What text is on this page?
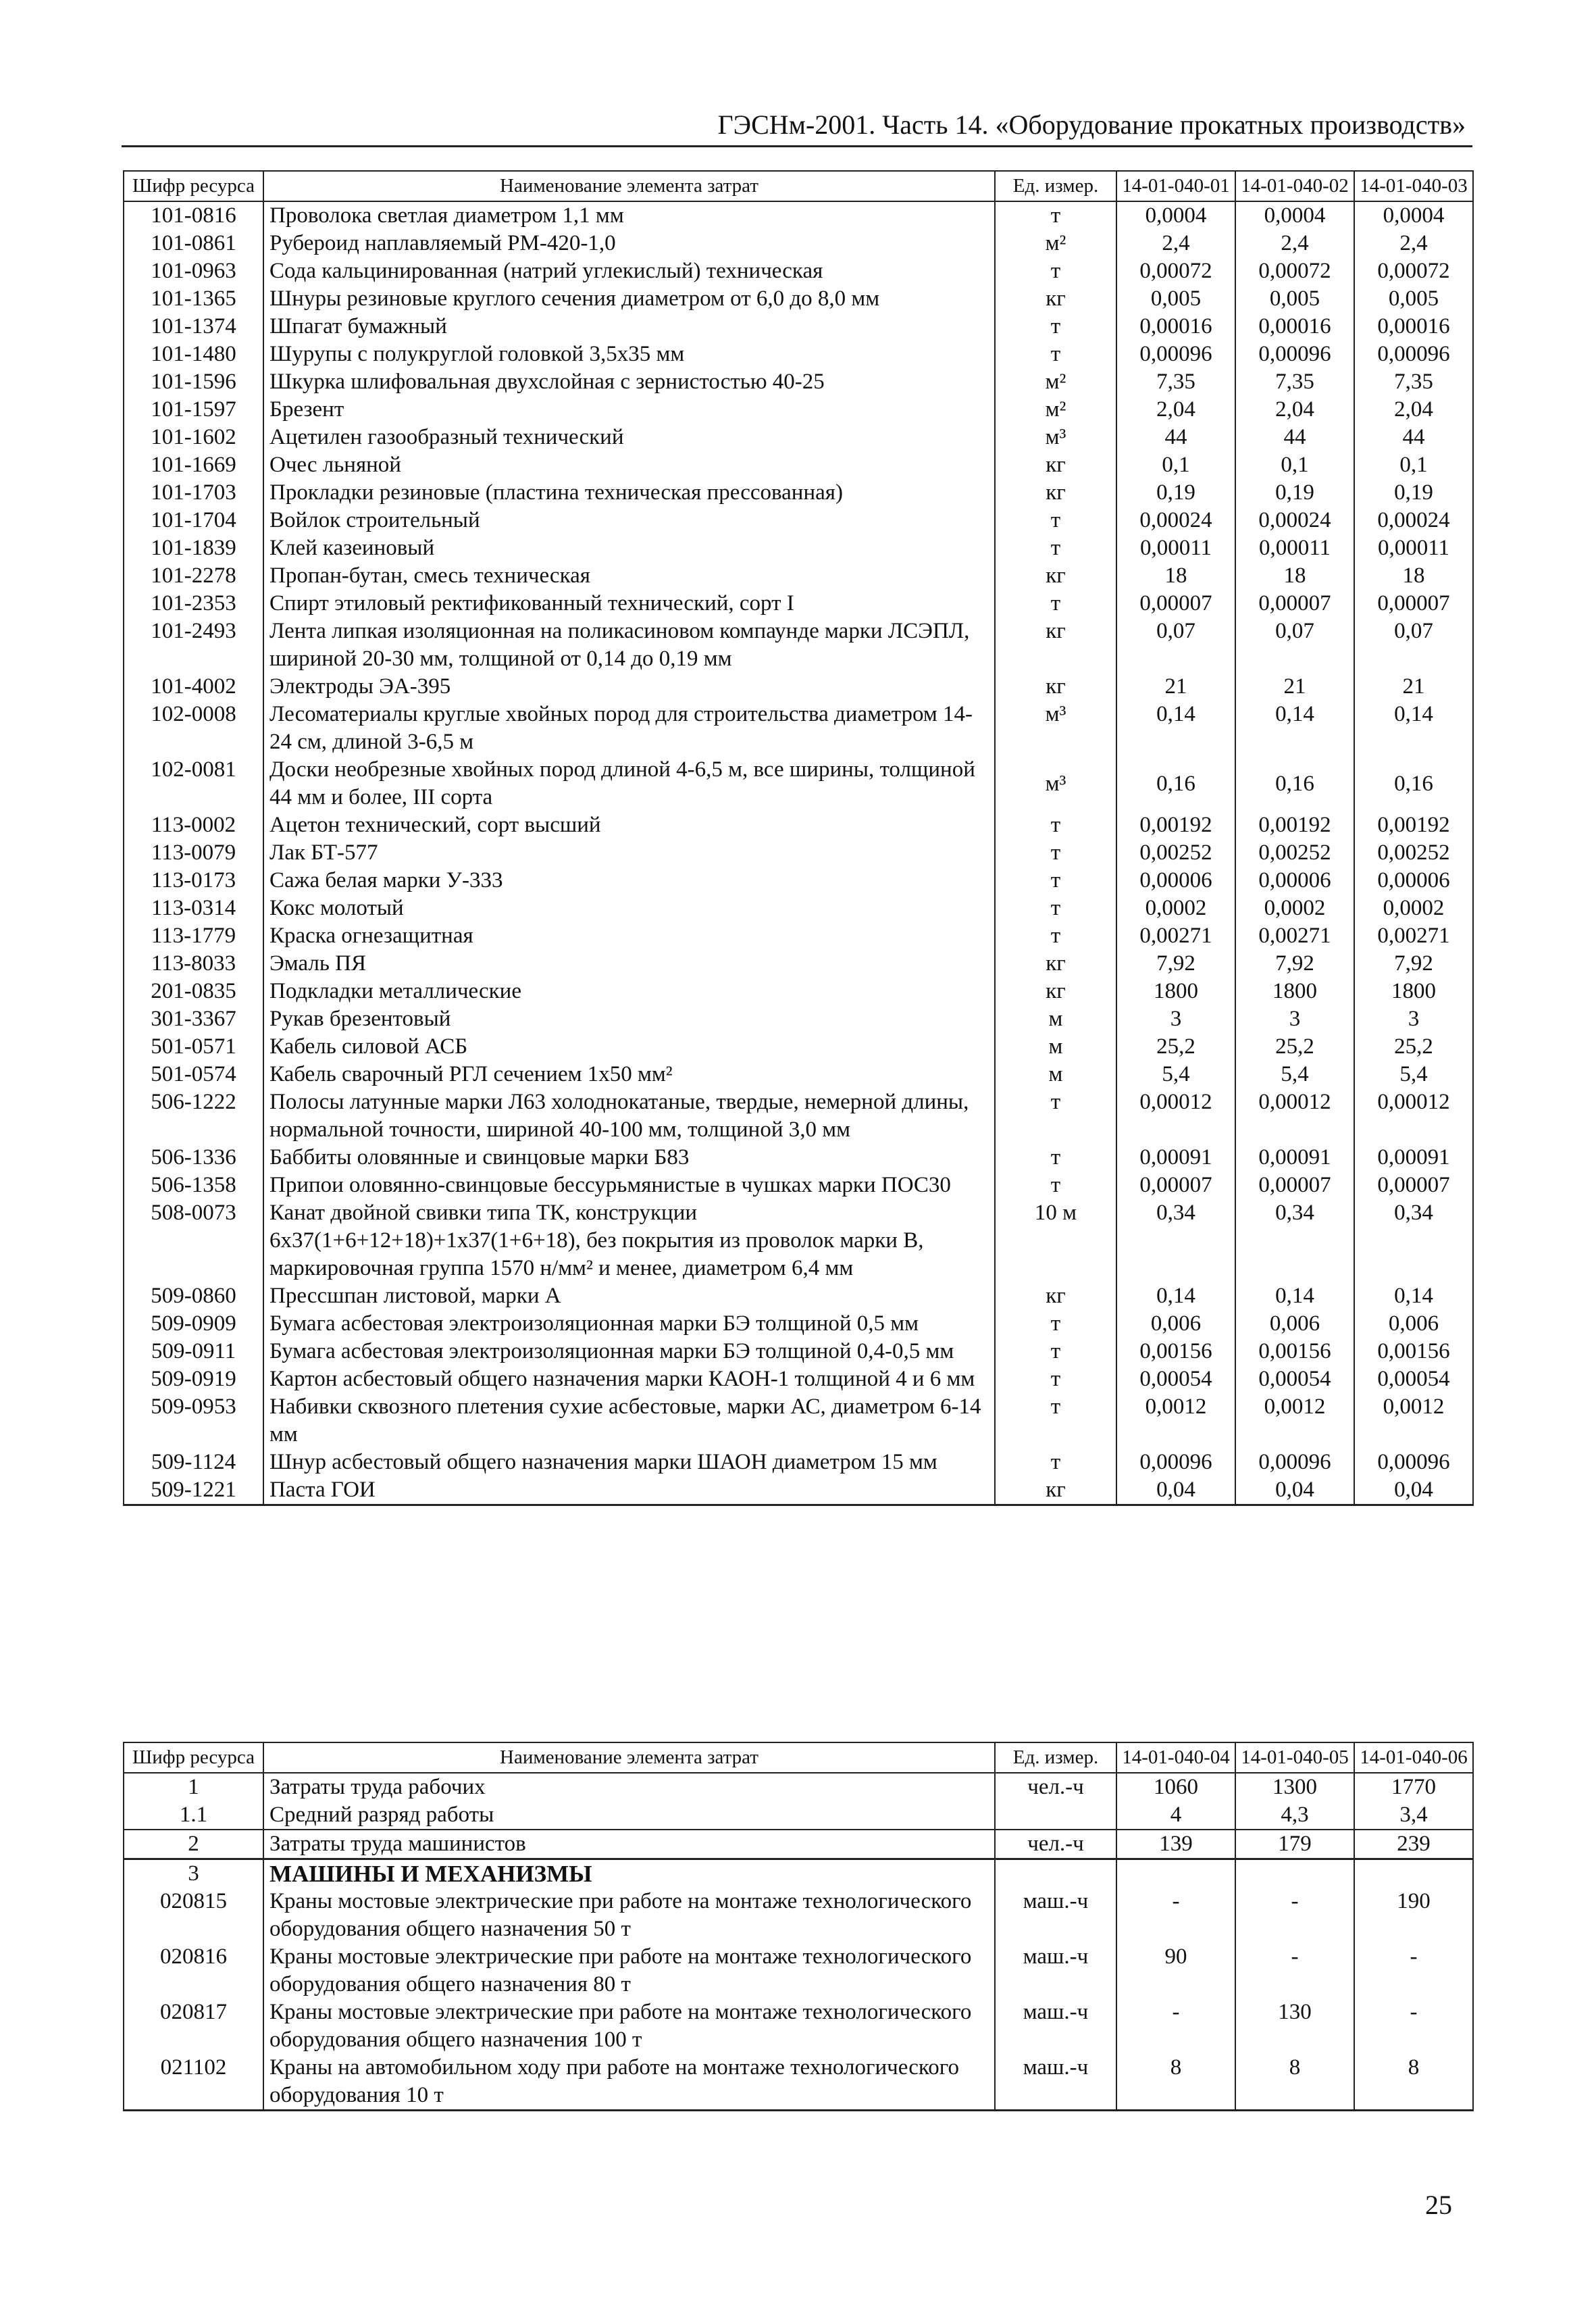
ГЭСНм-2001. Часть 14. «Оборудование прокатных производств»
Шифр ресурса	Наименование элемента затрат	Ед. измер.	14-01-040-01	14-01-040-02	14-01-040-03
101-0816	Проволока светлая диаметром 1,1 мм	т	0,0004	0,0004	0,0004
101-0861	Рубероид наплавляемый РМ-420-1,0	м²	2,4	2,4	2,4
101-0963	Сода кальцинированная (натрий углекислый) техническая	т	0,00072	0,00072	0,00072
101-1365	Шнуры резиновые круглого сечения диаметром от 6,0 до 8,0 мм	кг	0,005	0,005	0,005
101-1374	Шпагат бумажный	т	0,00016	0,00016	0,00016
101-1480	Шурупы с полукруглой головкой 3,5х35 мм	т	0,00096	0,00096	0,00096
101-1596	Шкурка шлифовальная двухслойная с зернистостью 40-25	м²	7,35	7,35	7,35
101-1597	Брезент	м²	2,04	2,04	2,04
101-1602	Ацетилен газообразный технический	м³	44	44	44
101-1669	Очес льняной	кг	0,1	0,1	0,1
101-1703	Прокладки резиновые (пластина техническая прессованная)	кг	0,19	0,19	0,19
101-1704	Войлок строительный	т	0,00024	0,00024	0,00024
101-1839	Клей казеиновый	т	0,00011	0,00011	0,00011
101-2278	Пропан-бутан, смесь техническая	кг	18	18	18
101-2353	Спирт этиловый ректификованный технический, сорт I	т	0,00007	0,00007	0,00007
101-2493	Лента липкая изоляционная на поликасиновом компаунде марки ЛСЭПЛ, шириной 20-30 мм, толщиной от 0,14 до 0,19 мм	кг	0,07	0,07	0,07
101-4002	Электроды ЭА-395	кг	21	21	21
102-0008	Лесоматериалы круглые хвойных пород для строительства диаметром 14-24 см, длиной 3-6,5 м	м³	0,14	0,14	0,14
102-0081	Доски необрезные хвойных пород длиной 4-6,5 м, все ширины, толщиной 44 мм и более, III сорта	м³	0,16	0,16	0,16
113-0002	Ацетон технический, сорт высший	т	0,00192	0,00192	0,00192
113-0079	Лак БТ-577	т	0,00252	0,00252	0,00252
113-0173	Сажа белая марки У-333	т	0,00006	0,00006	0,00006
113-0314	Кокс молотый	т	0,0002	0,0002	0,0002
113-1779	Краска огнезащитная	т	0,00271	0,00271	0,00271
113-8033	Эмаль ПЯ	кг	7,92	7,92	7,92
201-0835	Подкладки металлические	кг	1800	1800	1800
301-3367	Рукав брезентовый	м	3	3	3
501-0571	Кабель силовой АСБ	м	25,2	25,2	25,2
501-0574	Кабель сварочный РГЛ сечением 1х50 мм²	м	5,4	5,4	5,4
506-1222	Полосы латунные марки Л63 холоднокатаные, твердые, немерной длины, нормальной точности, шириной 40-100 мм, толщиной 3,0 мм	т	0,00012	0,00012	0,00012
506-1336	Баббиты оловянные и свинцовые марки Б83	т	0,00091	0,00091	0,00091
506-1358	Припои оловянно-свинцовые бессурьмянистые в чушках марки ПОС30	т	0,00007	0,00007	0,00007
508-0073	Канат двойной свивки типа ТК, конструкции 6х37(1+6+12+18)+1х37(1+6+18), без покрытия из проволок марки В, маркировочная группа 1570 н/мм² и менее, диаметром 6,4 мм	10 м	0,34	0,34	0,34
509-0860	Прессшпан листовой, марки А	кг	0,14	0,14	0,14
509-0909	Бумага асбестовая электроизоляционная марки БЭ толщиной 0,5 мм	т	0,006	0,006	0,006
509-0911	Бумага асбестовая электроизоляционная марки БЭ толщиной 0,4-0,5 мм	т	0,00156	0,00156	0,00156
509-0919	Картон асбестовый общего назначения марки КАОН-1 толщиной 4 и 6 мм	т	0,00054	0,00054	0,00054
509-0953	Набивки сквозного плетения сухие асбестовые, марки АС, диаметром 6-14 мм	т	0,0012	0,0012	0,0012
509-1124	Шнур асбестовый общего назначения марки ШАОН диаметром 15 мм	т	0,00096	0,00096	0,00096
509-1221	Паста ГОИ	кг	0,04	0,04	0,04
Шифр ресурса	Наименование элемента затрат	Ед. измер.	14-01-040-04	14-01-040-05	14-01-040-06
1	Затраты труда рабочих	чел.-ч	1060	1300	1770
1.1	Средний разряд работы		4	4,3	3,4
2	Затраты труда машинистов	чел.-ч	139	179	239
3	МАШИНЫ И МЕХАНИЗМЫ				
020815	Краны мостовые электрические при работе на монтаже технологического оборудования общего назначения 50 т	маш.-ч	-	-	190
020816	Краны мостовые электрические при работе на монтаже технологического оборудования общего назначения 80 т	маш.-ч	90	-	-
020817	Краны мостовые электрические при работе на монтаже технологического оборудования общего назначения 100 т	маш.-ч	-	130	-
021102	Краны на автомобильном ходу при работе на монтаже технологического оборудования 10 т	маш.-ч	8	8	8
25
